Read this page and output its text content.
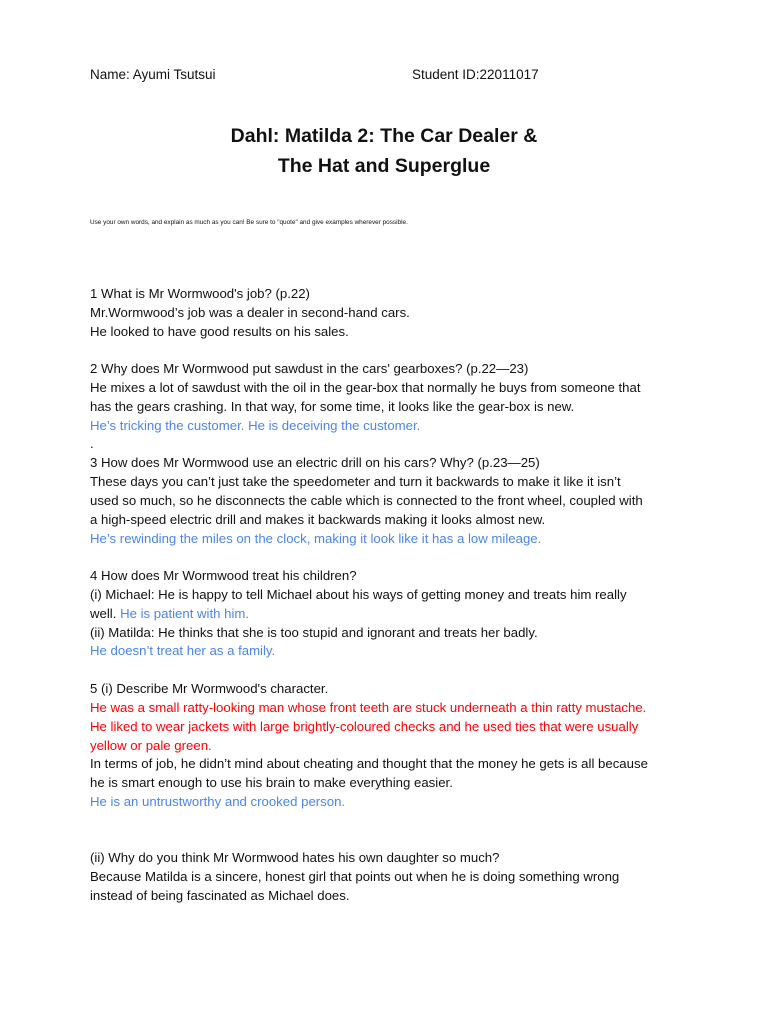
Name: Ayumi Tsutsui	Student ID:22011017
Dahl: Matilda 2: The Car Dealer &
The Hat and Superglue
Use your own words, and explain as much as you can! Be sure to "quote" and give examples wherever possible.
1 What is Mr Wormwood's job? (p.22)
Mr.Wormwood’s job was a dealer in second-hand cars.
He looked to have good results on his sales.
2 Why does Mr Wormwood put sawdust in the cars' gearboxes? (p.22—23)
He mixes a lot of sawdust with the oil in the gear-box that normally he buys from someone that
has the gears crashing. In that way, for some time, it looks like the gear-box is new.
He’s tricking the customer. He is deceiving the customer.
.
3 How does Mr Wormwood use an electric drill on his cars? Why? (p.23—25)
These days you can’t just take the speedometer and turn it backwards to make it like it isn’t
used so much, so he disconnects the cable which is connected to the front wheel, coupled with
a high-speed electric drill and makes it backwards making it looks almost new.
He’s rewinding the miles on the clock, making it look like it has a low mileage.
4 How does Mr Wormwood treat his children?
(i) Michael: He is happy to tell Michael about his ways of getting money and treats him really
well. He is patient with him.
(ii) Matilda: He thinks that she is too stupid and ignorant and treats her badly.
He doesn’t treat her as a family.
5 (i) Describe Mr Wormwood's character.
He was a small ratty-looking man whose front teeth are stuck underneath a thin ratty mustache.
He liked to wear jackets with large brightly-coloured checks and he used ties that were usually
yellow or pale green.
In terms of job, he didn’t mind about cheating and thought that the money he gets is all because
he is smart enough to use his brain to make everything easier.
He is an untrustworthy and crooked person.
(ii) Why do you think Mr Wormwood hates his own daughter so much?
Because Matilda is a sincere, honest girl that points out when he is doing something wrong
instead of being fascinated as Michael does.
